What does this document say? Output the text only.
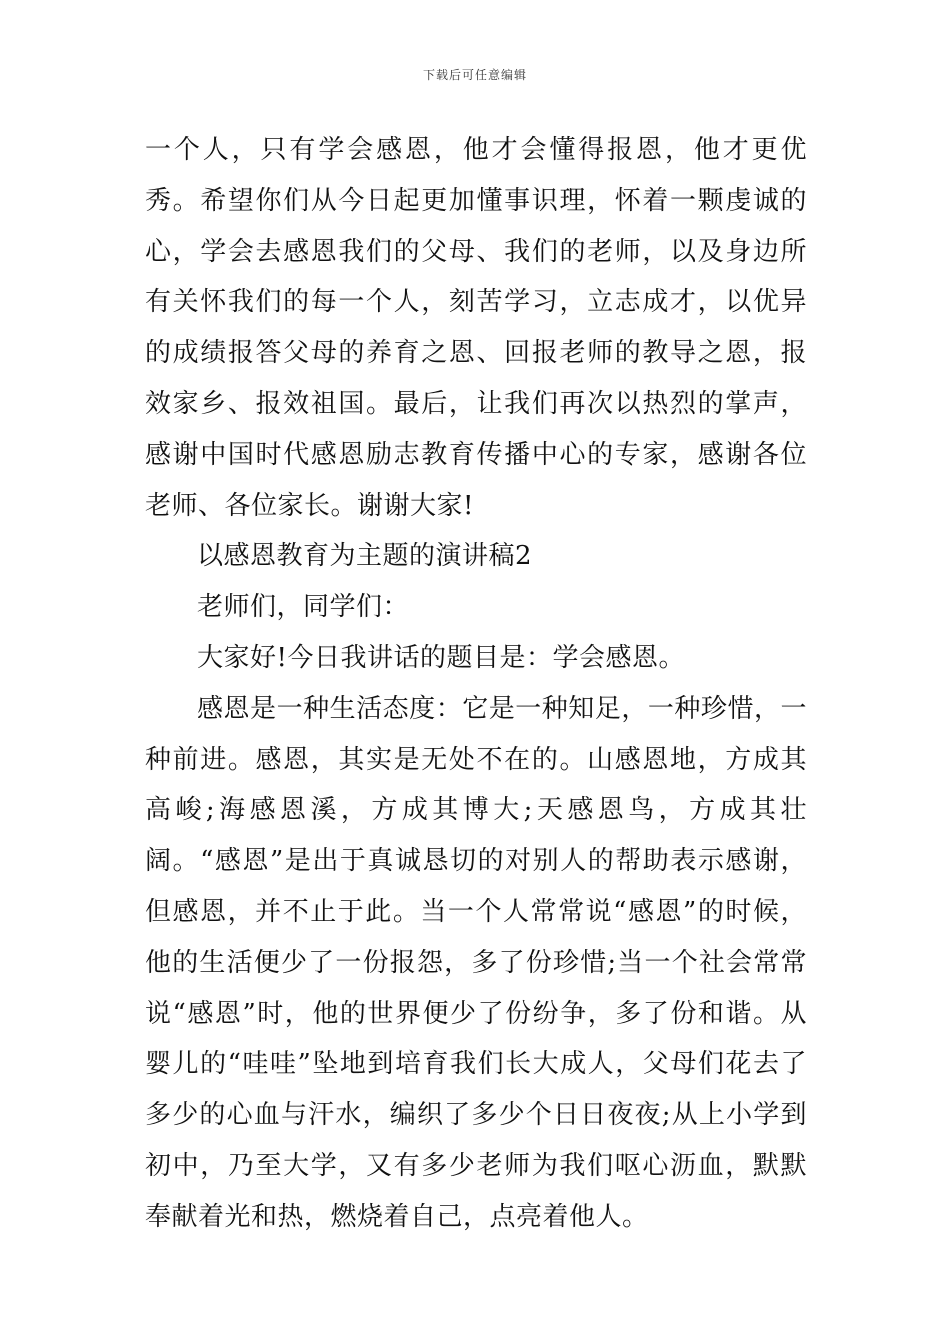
下载后可任意编辑

一个人，只有学会感恩，他才会懂得报恩，他才更优秀。希望你们从今日起更加懂事识理，怀着一颗虔诚的心，学会去感恩我们的父母、我们的老师，以及身边所有关怀我们的每一个人，刻苦学习，立志成才，以优异的成绩报答父母的养育之恩、回报老师的教导之恩，报效家乡、报效祖国。最后，让我们再次以热烈的掌声，感谢中国时代感恩励志教育传播中心的专家，感谢各位老师、各位家长。谢谢大家!

以感恩教育为主题的演讲稿2

老师们，同学们：

大家好!今日我讲话的题目是：学会感恩。

感恩是一种生活态度：它是一种知足，一种珍惜，一种前进。感恩，其实是无处不在的。山感恩地，方成其高峻;海感恩溪，方成其博大;天感恩鸟，方成其壮阔。“感恩”是出于真诚恳切的对别人的帮助表示感谢，但感恩，并不止于此。当一个人常常说“感恩”的时候，他的生活便少了一份报怨，多了份珍惜;当一个社会常常说“感恩”时，他的世界便少了份纷争，多了份和谐。从婴儿的“哇哇”坠地到培育我们长大成人，父母们花去了多少的心血与汗水，编织了多少个日日夜夜;从上小学到初中，乃至大学，又有多少老师为我们呕心沥血，默默奉献着光和热，燃烧着自己，点亮着他人。
